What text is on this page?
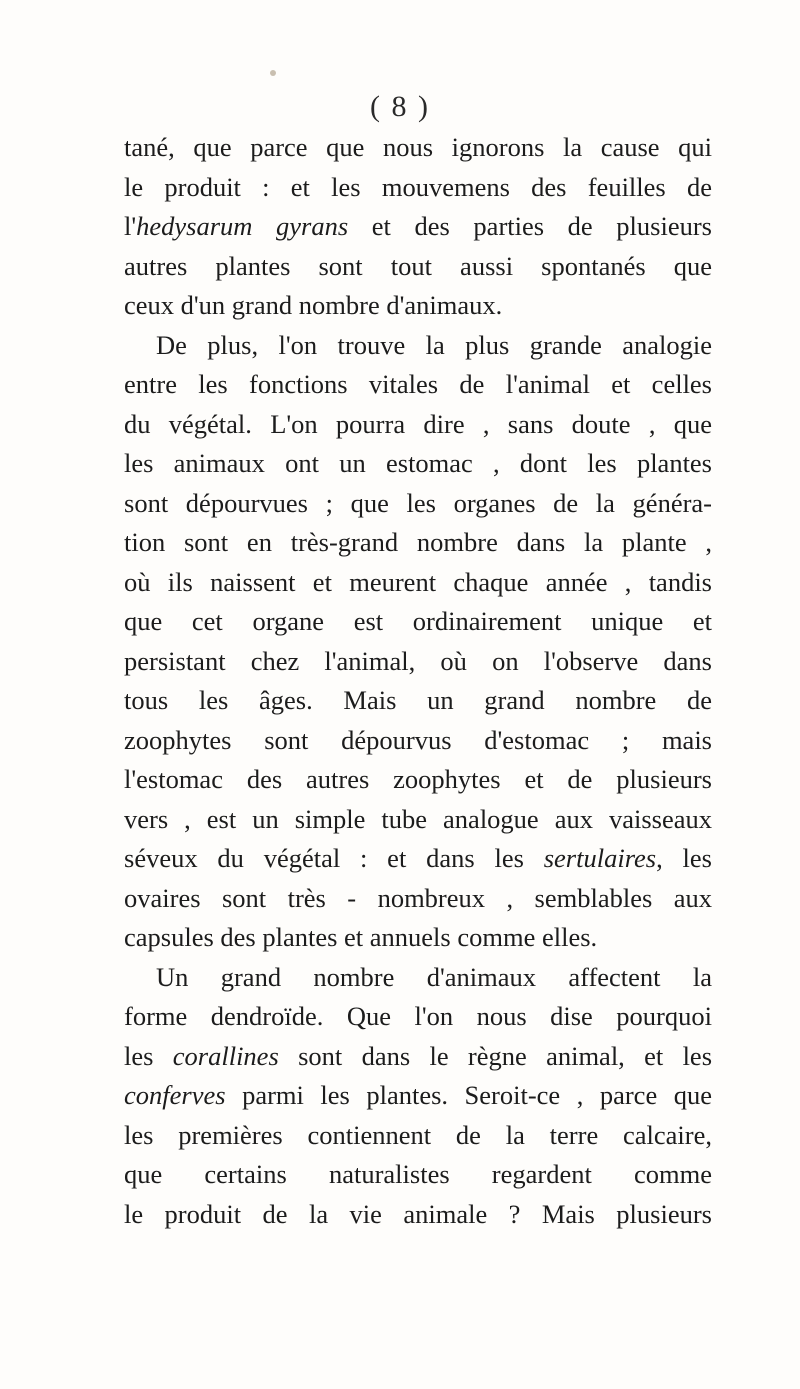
( 8 )
tané, que parce que nous ignorons la cause qui
le produit : et les mouvemens des feuilles de
l'hedysarum gyrans et des parties de plusieurs
autres plantes sont tout aussi spontanés que
ceux d'un grand nombre d'animaux.
De plus, l'on trouve la plus grande analogie
entre les fonctions vitales de l'animal et celles
du végétal. L'on pourra dire , sans doute , que
les animaux ont un estomac , dont les plantes
sont dépourvues ; que les organes de la généra-
tion sont en très-grand nombre dans la plante ,
où ils naissent et meurent chaque année , tandis
que cet organe est ordinairement unique et
persistant chez l'animal, où on l'observe dans
tous les âges. Mais un grand nombre de
zoophytes sont dépourvus d'estomac ; mais
l'estomac des autres zoophytes et de plusieurs
vers , est un simple tube analogue aux vaisseaux
séveux du végétal : et dans les sertulaires, les
ovaires sont très - nombreux , semblables aux
capsules des plantes et annuels comme elles.
Un grand nombre d'animaux affectent la
forme dendroïde. Que l'on nous dise pourquoi
les corallines sont dans le règne animal, et les
conferves parmi les plantes. Seroit-ce , parce que
les premières contiennent de la terre calcaire,
que certains naturalistes regardent comme
le produit de la vie animale ? Mais plusieurs
